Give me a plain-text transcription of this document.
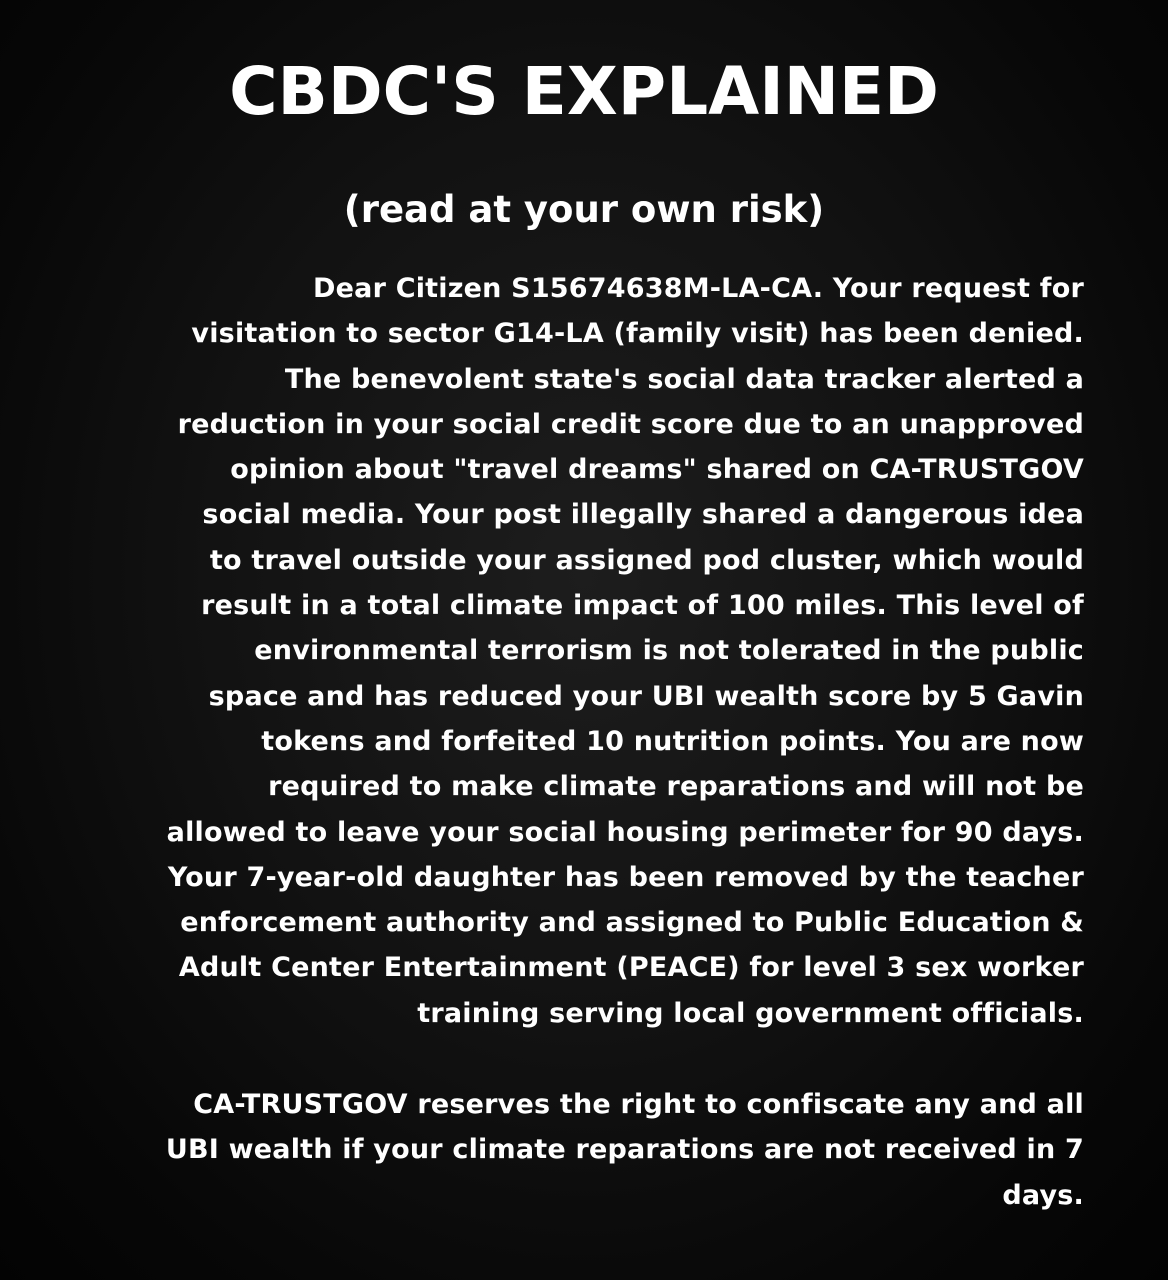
CBDC'S EXPLAINED
(read at your own risk)
Dear Citizen S15674638M-LA-CA. Your request for
visitation to sector G14-LA (family visit) has been denied.
The benevolent state's social data tracker alerted a
reduction in your social credit score due to an unapproved
opinion about "travel dreams" shared on CA-TRUSTGOV
social media. Your post illegally shared a dangerous idea
to travel outside your assigned pod cluster, which would
result in a total climate impact of 100 miles. This level of
environmental terrorism is not tolerated in the public
space and has reduced your UBI wealth score by 5 Gavin
tokens and forfeited 10 nutrition points. You are now
required to make climate reparations and will not be
allowed to leave your social housing perimeter for 90 days.
Your 7-year-old daughter has been removed by the teacher
enforcement authority and assigned to Public Education &
Adult Center Entertainment (PEACE) for level 3 sex worker
training serving local government officials.
CA-TRUSTGOV reserves the right to confiscate any and all
UBI wealth if your climate reparations are not received in 7
days.
